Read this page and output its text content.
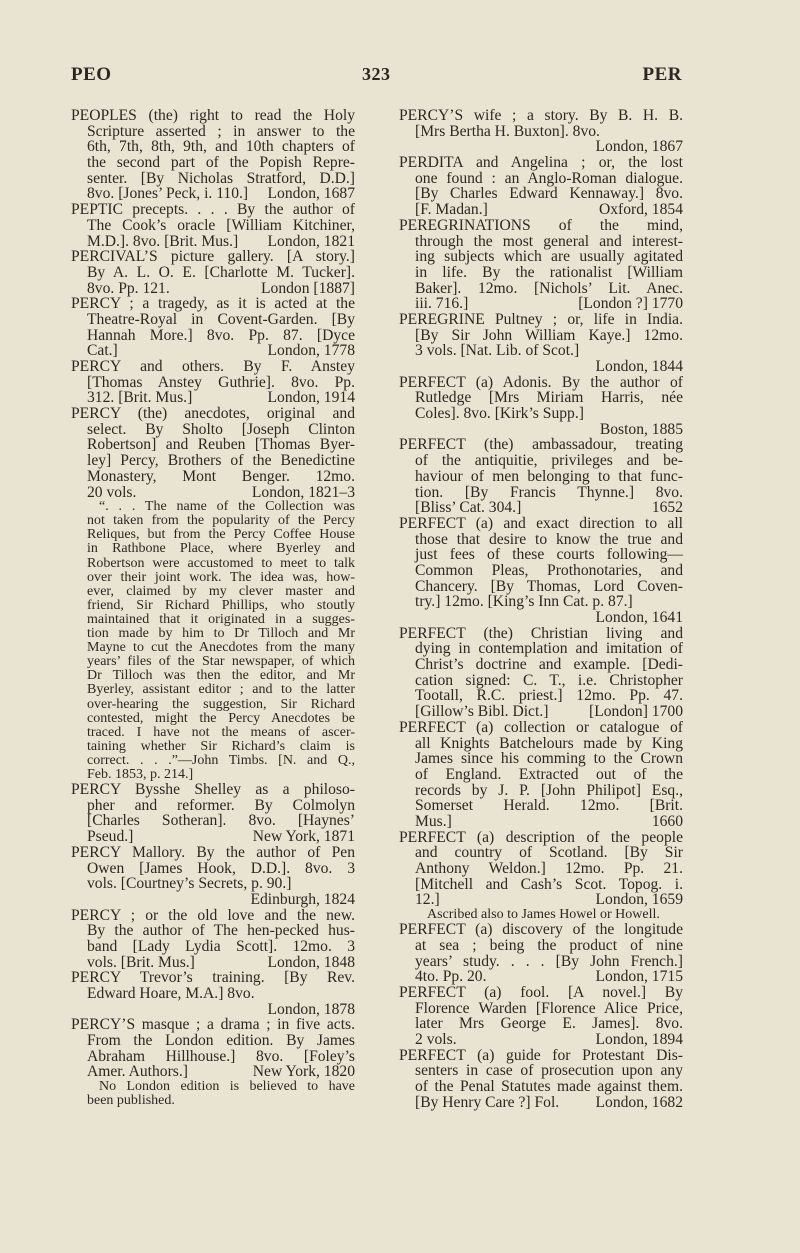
PEO	323	PER
PEOPLES (the) right to read the Holy
Scripture asserted ; in answer to the
6th, 7th, 8th, 9th, and 10th chapters of
the second part of the Popish Repre-
senter. [By Nicholas Stratford, D.D.]
8vo. [Jones’ Peck, i. 110.] London, 1687
PEPTIC precepts. . . . By the author of
The Cook’s oracle [William Kitchiner,
M.D.]. 8vo. [Brit. Mus.] London, 1821
PERCIVAL’S picture gallery. [A story.]
By A. L. O. E. [Charlotte M. Tucker].
8vo. Pp. 121.	London [1887]
PERCY ; a tragedy, as it is acted at the
Theatre-Royal in Covent-Garden. [By
Hannah More.] 8vo. Pp. 87. [Dyce
Cat.]	London, 1778
PERCY and others. By F. Anstey
[Thomas Anstey Guthrie]. 8vo. Pp.
312. [Brit. Mus.]	London, 1914
PERCY (the) anecdotes, original and
select. By Sholto [Joseph Clinton
Robertson] and Reuben [Thomas Byer-
ley] Percy, Brothers of the Benedictine
Monastery, Mont Benger. 12mo.
20 vols.	London, 1821–3
“. . . The name of the Collection was
not taken from the popularity of the Percy
Reliques, but from the Percy Coffee House
in Rathbone Place, where Byerley and
Robertson were accustomed to meet to talk
over their joint work. The idea was, how-
ever, claimed by my clever master and
friend, Sir Richard Phillips, who stoutly
maintained that it originated in a sugges-
tion made by him to Dr Tilloch and Mr
Mayne to cut the Anecdotes from the many
years’ files of the Star newspaper, of which
Dr Tilloch was then the editor, and Mr
Byerley, assistant editor ; and to the latter
over-hearing the suggestion, Sir Richard
contested, might the Percy Anecdotes be
traced. I have not the means of ascer-
taining whether Sir Richard’s claim is
correct. . . .”—John Timbs. [N. and Q.,
Feb. 1853, p. 214.]
PERCY Bysshe Shelley as a philoso-
pher and reformer. By Colmolyn
[Charles Sotheran]. 8vo. [Haynes’
Pseud.]	New York, 1871
PERCY Mallory. By the author of Pen
Owen [James Hook, D.D.]. 8vo. 3
vols. [Courtney’s Secrets, p. 90.]
Edinburgh, 1824
PERCY ; or the old love and the new.
By the author of The hen-pecked hus-
band [Lady Lydia Scott]. 12mo. 3
vols. [Brit. Mus.]	London, 1848
PERCY Trevor’s training. [By Rev.
Edward Hoare, M.A.] 8vo.
London, 1878
PERCY’S masque ; a drama ; in five acts.
From the London edition. By James
Abraham Hillhouse.] 8vo. [Foley’s
Amer. Authors.]	New York, 1820
No London edition is believed to have
been published.
PERCY’S wife ; a story. By B. H. B.
[Mrs Bertha H. Buxton]. 8vo.
London, 1867
PERDITA and Angelina ; or, the lost
one found : an Anglo-Roman dialogue.
[By Charles Edward Kennaway.] 8vo.
[F. Madan.]	Oxford, 1854
PEREGRINATIONS of the mind,
through the most general and interest-
ing subjects which are usually agitated
in life. By the rationalist [William
Baker]. 12mo. [Nichols’ Lit. Anec.
iii. 716.]	[London ?] 1770
PEREGRINE Pultney ; or, life in India.
[By Sir John William Kaye.] 12mo.
3 vols. [Nat. Lib. of Scot.]
London, 1844
PERFECT (a) Adonis. By the author of
Rutledge [Mrs Miriam Harris, née
Coles]. 8vo. [Kirk’s Supp.]
Boston, 1885
PERFECT (the) ambassadour, treating
of the antiquitie, privileges and be-
haviour of men belonging to that func-
tion. [By Francis Thynne.] 8vo.
[Bliss’ Cat. 304.]	1652
PERFECT (a) and exact direction to all
those that desire to know the true and
just fees of these courts following—
Common Pleas, Prothonotaries, and
Chancery. [By Thomas, Lord Coven-
try.] 12mo. [King’s Inn Cat. p. 87.]
London, 1641
PERFECT (the) Christian living and
dying in contemplation and imitation of
Christ’s doctrine and example. [Dedi-
cation signed: C. T., i.e. Christopher
Tootall, R.C. priest.] 12mo. Pp. 47.
[Gillow’s Bibl. Dict.]	[London] 1700
PERFECT (a) collection or catalogue of
all Knights Batchelours made by King
James since his comming to the Crown
of England. Extracted out of the
records by J. P. [John Philipot] Esq.,
Somerset Herald. 12mo. [Brit.
Mus.]	1660
PERFECT (a) description of the people
and country of Scotland. [By Sir
Anthony Weldon.] 12mo. Pp. 21.
[Mitchell and Cash’s Scot. Topog. i.
12.]	London, 1659
Ascribed also to James Howel or Howell.
PERFECT (a) discovery of the longitude
at sea ; being the product of nine
years’ study. . . . [By John French.]
4to. Pp. 20.	London, 1715
PERFECT (a) fool. [A novel.] By
Florence Warden [Florence Alice Price,
later Mrs George E. James]. 8vo.
2 vols.	London, 1894
PERFECT (a) guide for Protestant Dis-
senters in case of prosecution upon any
of the Penal Statutes made against them.
[By Henry Care ?] Fol. London, 1682
